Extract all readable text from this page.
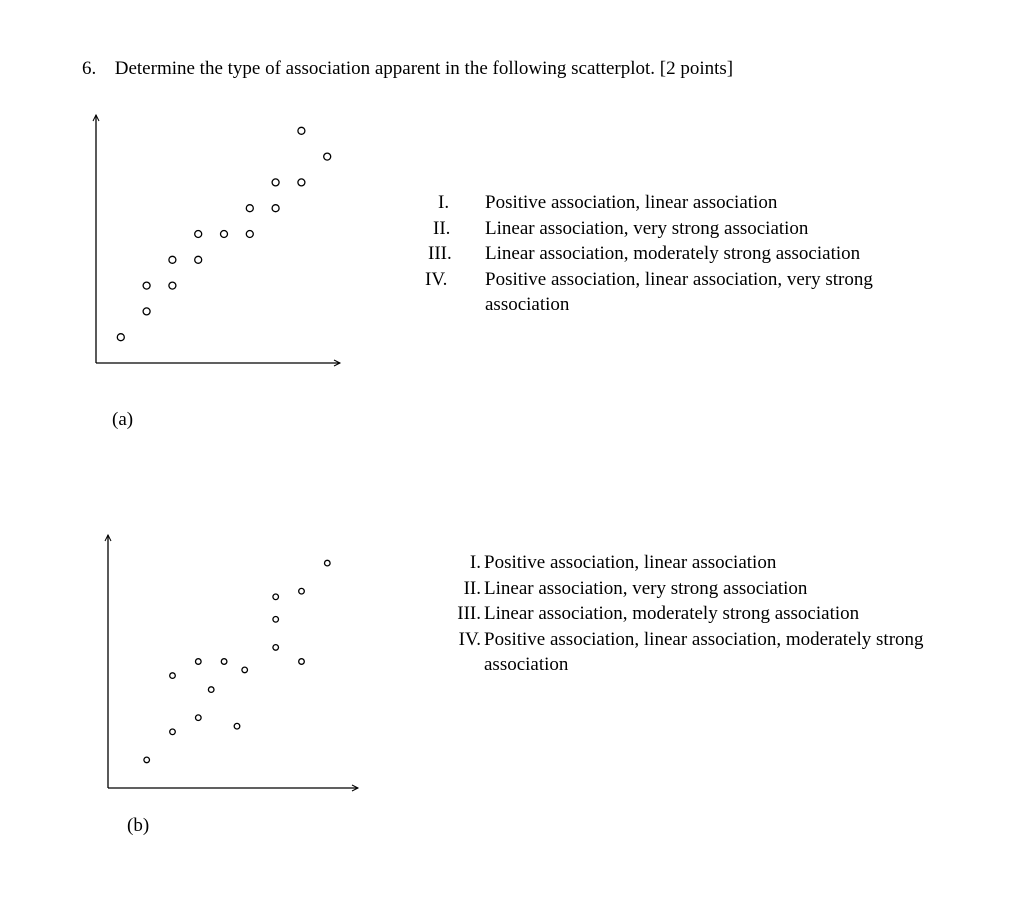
6. Determine the type of association apparent in the following scatterplot. [2 points]
(a)
I. Positive association, linear association
II. Linear association, very strong association
III. Linear association, moderately strong association
IV. Positive association, linear association, very strong
association
(b)
I. Positive association, linear association
II. Linear association, very strong association
III. Linear association, moderately strong association
IV. Positive association, linear association, moderately strong
association
